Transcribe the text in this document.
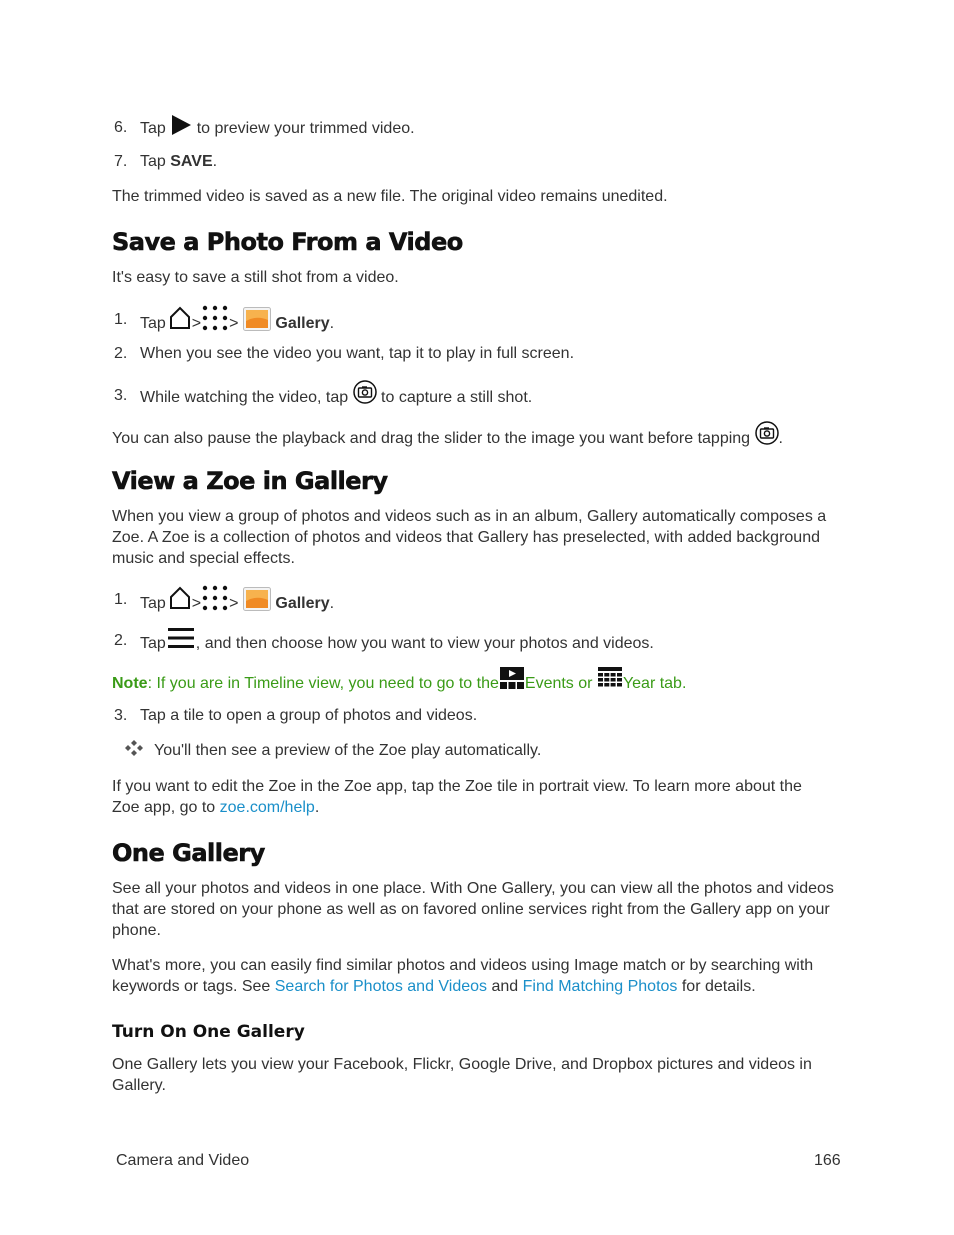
6. Tap to preview your trimmed video.
7. Tap SAVE.
The trimmed video is saved as a new file. The original video remains unedited.
Save a Photo From a Video
It's easy to save a still shot from a video.
1. Tap > > Gallery.
2. When you see the video you want, tap it to play in full screen.
3. While watching the video, tap to capture a still shot.
You can also pause the playback and drag the slider to the image you want before tapping .
View a Zoe in Gallery
When you view a group of photos and videos such as in an album, Gallery automatically composes a Zoe. A Zoe is a collection of photos and videos that Gallery has preselected, with added background music and special effects.
1. Tap > > Gallery.
2. Tap , and then choose how you want to view your photos and videos.
Note: If you are in Timeline view, you need to go to the Events or Year tab.
3. Tap a tile to open a group of photos and videos.
You'll then see a preview of the Zoe play automatically.
If you want to edit the Zoe in the Zoe app, tap the Zoe tile in portrait view. To learn more about the Zoe app, go to zoe.com/help.
One Gallery
See all your photos and videos in one place. With One Gallery, you can view all the photos and videos that are stored on your phone as well as on favored online services right from the Gallery app on your phone.
What's more, you can easily find similar photos and videos using Image match or by searching with keywords or tags. See Search for Photos and Videos and Find Matching Photos for details.
Turn On One Gallery
One Gallery lets you view your Facebook, Flickr, Google Drive, and Dropbox pictures and videos in Gallery.
Camera and Video	166
